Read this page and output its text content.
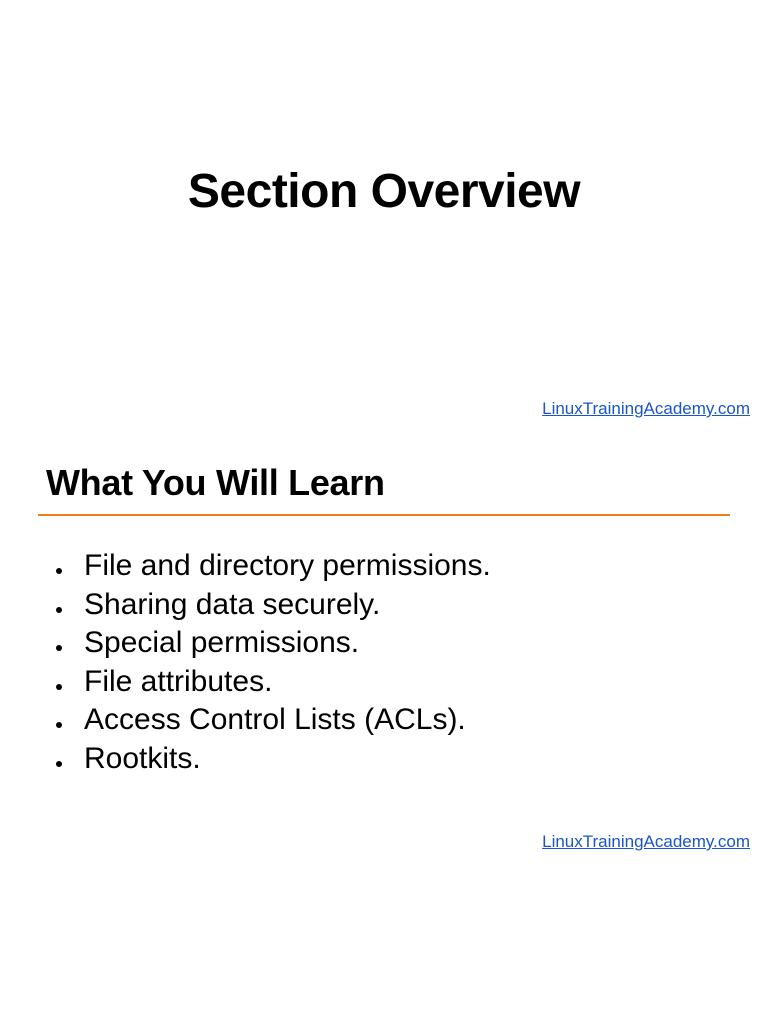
Section Overview
LinuxTrainingAcademy.com
What You Will Learn
File and directory permissions.
Sharing data securely.
Special permissions.
File attributes.
Access Control Lists (ACLs).
Rootkits.
LinuxTrainingAcademy.com
